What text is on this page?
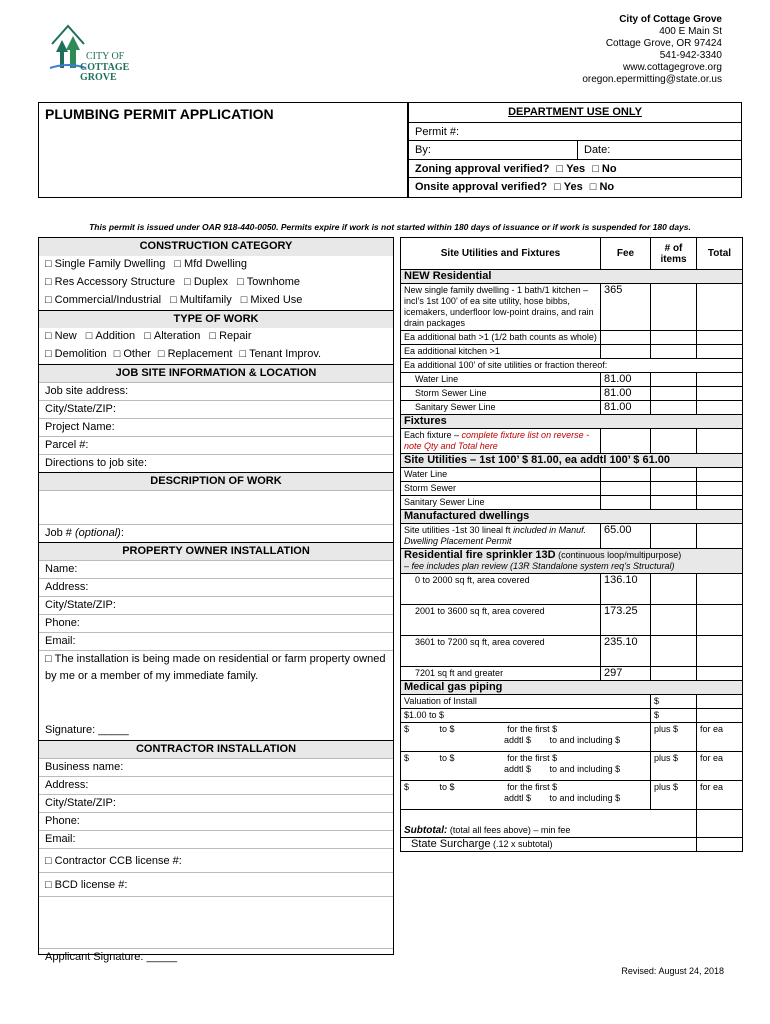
CITY OF
COTTAGE GROVE
City of Cottage Grove
400 E Main St
Cottage Grove, OR 97424
541-942-3340
www.cottagegrove.org
oregon.epermitting@state.or.us
PLUMBING PERMIT APPLICATION	DEPARTMENT USE ONLY
Permit #:
By:	Date:
Zoning approval verified? □ Yes □ No
Onsite approval verified? □ Yes □ No
This permit is issued under OAR 918-440-0050. Permits expire if work is not started within 180 days of issuance or if work is suspended for 180 days.
CONSTRUCTION CATEGORY
□ Single Family Dwelling □ Mfd Dwelling
□ Res Accessory Structure □ Duplex □ Townhome
□ Commercial/Industrial □ Multifamily □ Mixed Use
TYPE OF WORK
□ New □ Addition □ Alteration □ Repair
□ Demolition □ Other □ Replacement □ Tenant Improv.
JOB SITE INFORMATION & LOCATION
Job site address:
City/State/ZIP:
Project Name:
Parcel #:
Directions to job site:
DESCRIPTION OF WORK
Job # (optional):
PROPERTY OWNER INSTALLATION
Name:
Address:
City/State/ZIP:
Phone:
Email:
□ The installation is being made on residential or farm property owned by me or a member of my immediate family.
Signature: _____
CONTRACTOR INSTALLATION
Business name:
Address:
City/State/ZIP:
Phone:
Email:
□ Contractor CCB license #:
□ BCD license #:
Applicant Signature: _____
Site Utilities and Fixtures	Fee	# of items	Total
NEW Residential			
New single family dwelling - 1 bath/1 kitchen – incl’s 1st 100’ of ea site utility, hose bibbs, icemakers, underfloor low-point drains, and rain drain packages	365		
Ea additional bath >1 (1/2 bath counts as whole)			
Ea additional kitchen >1			
Ea additional 100’ of site utilities or fraction thereof:			
Water Line	81.00		
Storm Sewer Line	81.00		
Sanitary Sewer Line	81.00		
Fixtures			
Each fixture – complete fixture list on reverse - note Qty and Total here			
Site Utilities – 1st 100’ $ 81.00, ea addtl 100’ $ 61.00			
Water Line			
Storm Sewer			
Sanitary Sewer Line			
Manufactured dwellings			
Site utilities -1st 30 lineal ft included in Manuf. Dwelling Placement Permit	65.00		
Residential fire sprinkler 13D (continuous loop/multipurpose)
– fee includes plan review (13R Standalone system req’s Structural)			
0 to 2000 sq ft, area covered	136.10		
2001 to 3600 sq ft, area covered	173.25		
3601 to 7200 sq ft, area covered	235.10		
7201 sq ft and greater	297		
Medical gas piping			
Valuation of Install		$	
$1.00 to $		$	
$ to $ for the first $
addtl $ to and including $		plus $	for ea
$ to $ for the first $
addtl $ to and including $		plus $	for ea
$ to $ for the first $
addtl $ to and including $		plus $	for ea
Subtotal: (total all fees above) – min fee			
State Surcharge (.12 x subtotal)			
Revised: August 24, 2018
